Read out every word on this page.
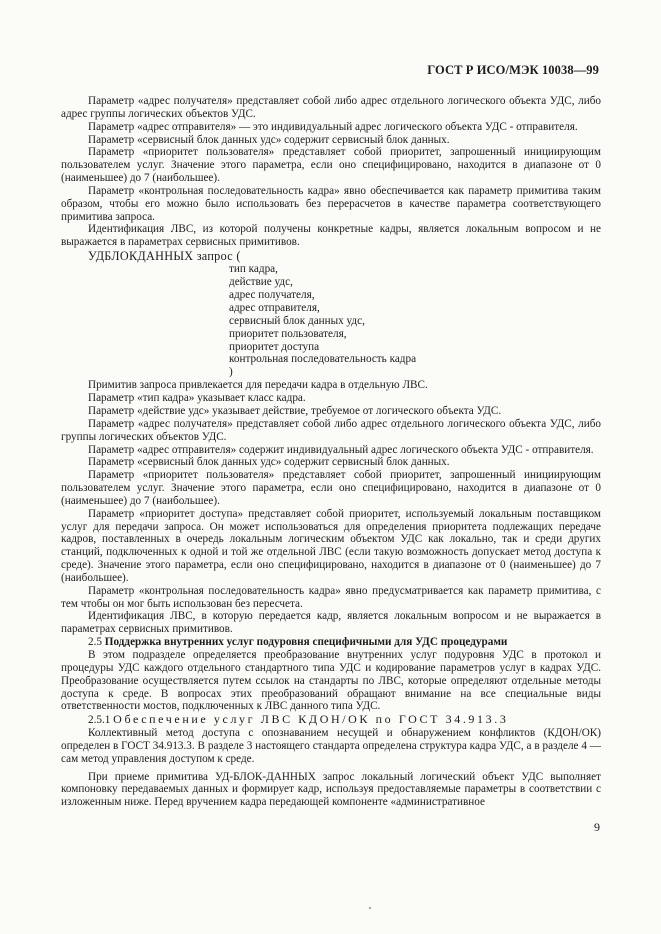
ГОСТ Р ИСО/МЭК 10038—99

Параметр «адрес получателя» представляет собой либо адрес отдельного логического объекта УДС, либо адрес группы логических объектов УДС.

Параметр «адрес отправителя» — это индивидуальный адрес логического объекта УДС - отправителя.

Параметр «сервисный блок данных удс» содержит сервисный блок данных.

Параметр «приоритет пользователя» представляет собой приоритет, запрошенный инициирующим пользователем услуг. Значение этого параметра, если оно специфицировано, находится в диапазоне от 0 (наименьшее) до 7 (наибольшее).

Параметр «контрольная последовательность кадра» явно обеспечивается как параметр примитива таким образом, чтобы его можно было использовать без перерасчетов в качестве параметра соответствующего примитива запроса.

Идентификация ЛВС, из которой получены конкретные кадры, является локальным вопросом и не выражается в параметрах сервисных примитивов.

УДБЛОКДАННЫХ запрос (
тип кадра,
действие удс,
адрес получателя,
адрес отправителя,
сервисный блок данных удс,
приоритет пользователя,
приоритет доступа
контрольная последовательность кадра
)

Примитив запроса привлекается для передачи кадра в отдельную ЛВС.

Параметр «тип кадра» указывает класс кадра.

Параметр «действие удс» указывает действие, требуемое от логического объекта УДС.

Параметр «адрес получателя» представляет собой либо адрес отдельного логического объекта УДС, либо группы логических объектов УДС.

Параметр «адрес отправителя» содержит индивидуальный адрес логического объекта УДС - отправителя.

Параметр «сервисный блок данных удс» содержит сервисный блок данных.

Параметр «приоритет пользователя» представляет собой приоритет, запрошенный инициирующим пользователем услуг. Значение этого параметра, если оно специфицировано, находится в диапазоне от 0 (наименьшее) до 7 (наибольшее).

Параметр «приоритет доступа» представляет собой приоритет, используемый локальным поставщиком услуг для передачи запроса. Он может использоваться для определения приоритета подлежащих передаче кадров, поставленных в очередь локальным логическим объектом УДС как локально, так и среди других станций, подключенных к одной и той же отдельной ЛВС (если такую возможность допускает метод доступа к среде). Значение этого параметра, если оно специфицировано, находится в диапазоне от 0 (наименьшее) до 7 (наибольшее).

Параметр «контрольная последовательность кадра» явно предусматривается как параметр примитива, с тем чтобы он мог быть использован без пересчета.

Идентификация ЛВС, в которую передается кадр, является локальным вопросом и не выражается в параметрах сервисных примитивов.

2.5 Поддержка внутренних услуг подуровня специфичными для УДС процедурами

В этом подразделе определяется преобразование внутренних услуг подуровня УДС в протокол и процедуры УДС каждого отдельного стандартного типа УДС и кодирование параметров услуг в кадрах УДС. Преобразование осуществляется путем ссылок на стандарты по ЛВС, которые определяют отдельные методы доступа к среде. В вопросах этих преобразований обращают внимание на все специальные виды ответственности мостов, подключенных к ЛВС данного типа УДС.

2.5.1 Обеспечение услуг ЛВС КДОН/ОК по ГОСТ 34.913.3

Коллективный метод доступа с опознаванием несущей и обнаружением конфликтов (КДОН/ОК) определен в ГОСТ 34.913.3. В разделе 3 настоящего стандарта определена структура кадра УДС, а в разделе 4 — сам метод управления доступом к среде.

При приеме примитива УД-БЛОК-ДАННЫХ запрос локальный логический объект УДС выполняет компоновку передаваемых данных и формирует кадр, используя предоставляемые параметры в соответствии с изложенным ниже. Перед вручением кадра передающей компоненте «административное

9
